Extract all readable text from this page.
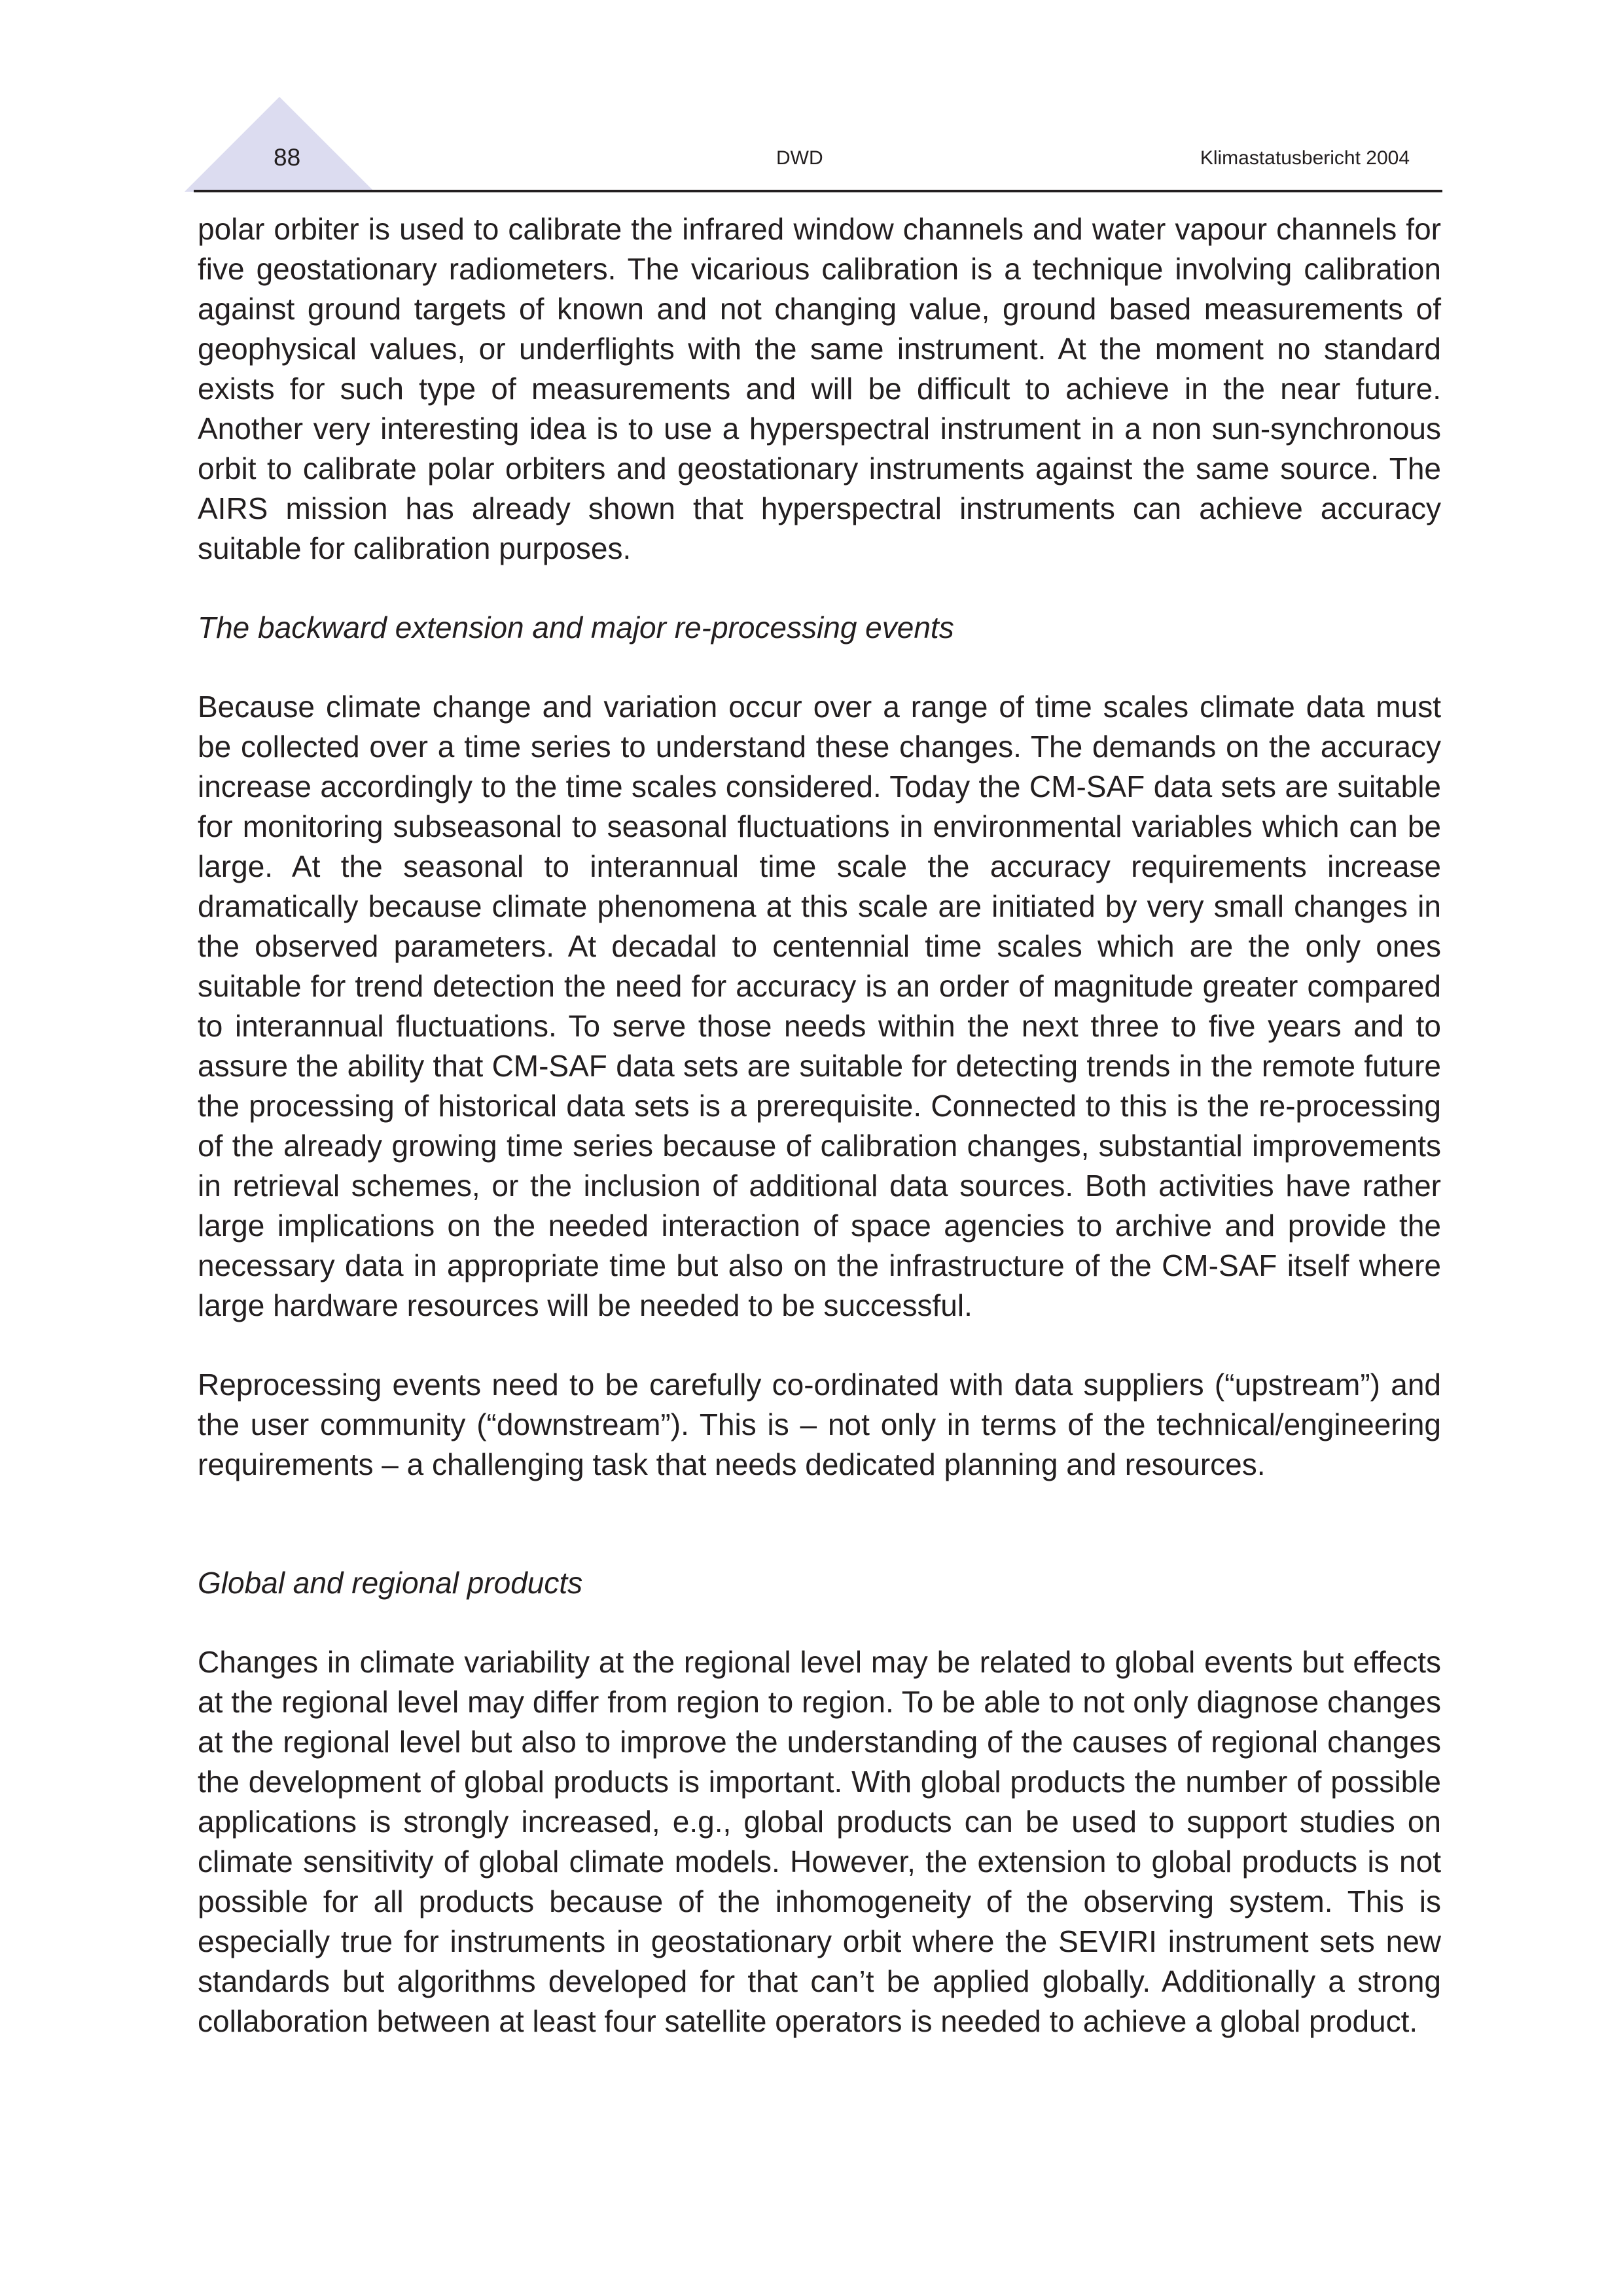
88	DWD	Klimastatusbericht 2004

polar orbiter is used to calibrate the infrared window channels and water vapour channels for five geostationary radiometers. The vicarious calibration is a technique involving calibration against ground targets of known and not changing value, ground based measurements of geophysical values, or underflights with the same instrument. At the moment no standard exists for such type of measurements and will be difficult to achieve in the near future. Another very interesting idea is to use a hyperspectral instrument in a non sun-synchronous orbit to calibrate polar orbiters and geostationary instruments against the same source. The AIRS mission has already shown that hyperspectral instruments can achieve accuracy suitable for calibration purposes.

The backward extension and major re-processing events

Because climate change and variation occur over a range of time scales climate data must be collected over a time series to understand these changes. The demands on the accuracy increase accordingly to the time scales considered. Today the CM-SAF data sets are suitable for monitoring subseasonal to seasonal fluctuations in environmental variables which can be large. At the seasonal to interannual time scale the accuracy requirements increase dramatically because climate phenomena at this scale are initiated by very small changes in the observed parameters. At decadal to centennial time scales which are the only ones suitable for trend detection the need for accuracy is an order of magnitude greater compared to interannual fluctuations. To serve those needs within the next three to five years and to assure the ability that CM-SAF data sets are suitable for detecting trends in the remote future the processing of historical data sets is a prerequisite. Connected to this is the re-processing of the already growing time series because of calibration changes, substantial improvements in retrieval schemes, or the inclusion of additional data sources. Both activities have rather large implications on the needed interaction of space agencies to archive and provide the necessary data in appropriate time but also on the infrastructure of the CM-SAF itself where large hardware resources will be needed to be successful.

Reprocessing events need to be carefully co-ordinated with data suppliers (“upstream”) and the user community (“downstream”). This is – not only in terms of the technical/engineering requirements – a challenging task that needs dedicated planning and resources.

Global and regional products

Changes in climate variability at the regional level may be related to global events but effects at the regional level may differ from region to region. To be able to not only diagnose changes at the regional level but also to improve the understanding of the causes of regional changes the development of global products is important. With global products the number of possible applications is strongly increased, e.g., global products can be used to support studies on climate sensitivity of global climate models. However, the extension to global products is not possible for all products because of the inhomogeneity of the observing system. This is especially true for instruments in geostationary orbit where the SEVIRI instrument sets new standards but algorithms developed for that can’t be applied globally. Additionally a strong collaboration between at least four satellite operators is needed to achieve a global product.
